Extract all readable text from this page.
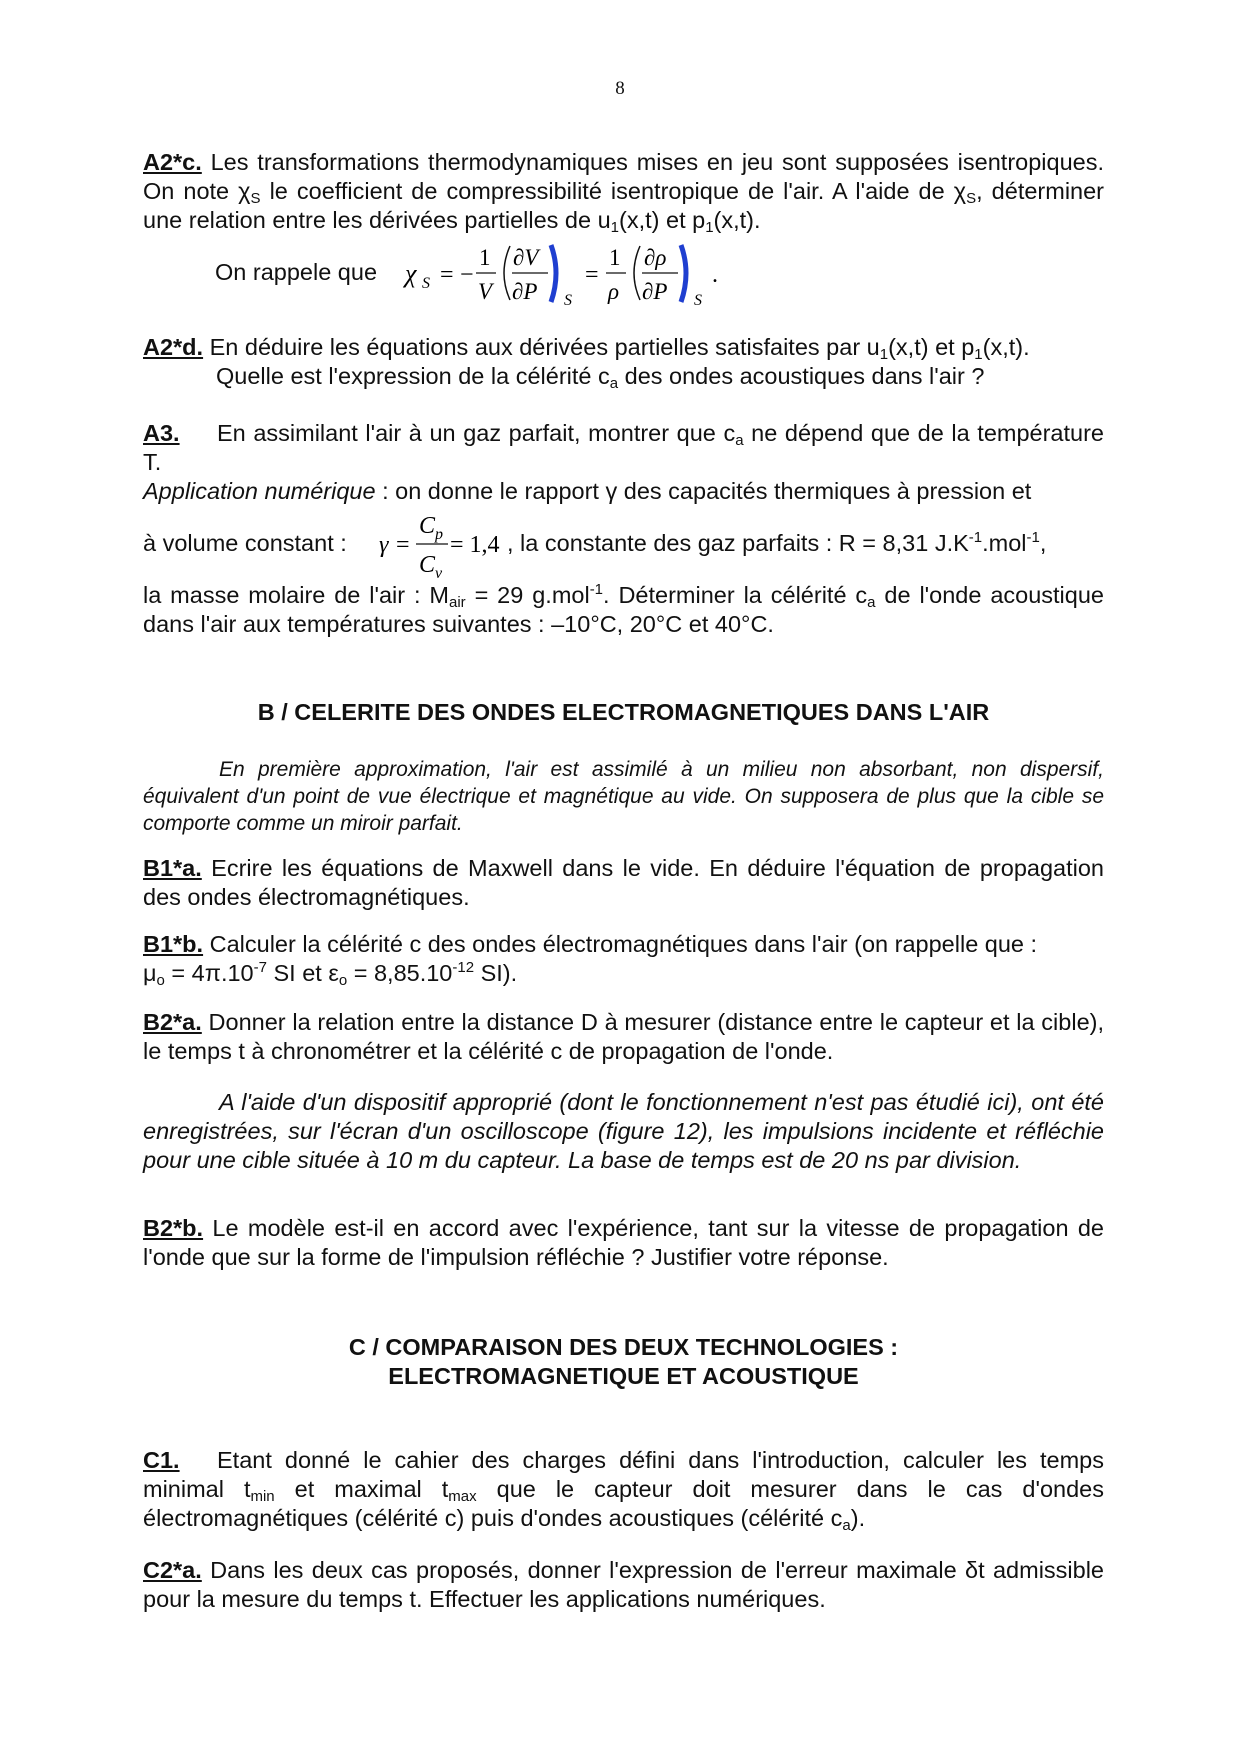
8
A2*c. Les transformations thermodynamiques mises en jeu sont supposées isentropiques. On note $\chi_S$ le coefficient de compressibilité isentropique de l'air. A l'aide de $\chi_S$, déterminer une relation entre les dérivées partielles de $u_1(x,t)$ et $p_1(x,t)$.
On rappele que χ S = −
1
V
∂V
∂P S
=
1
ρ
∂ρ
∂P S
.
A2*d. En déduire les équations aux dérivées partielles satisfaites par $u_1(x,t)$ et $p_1(x,t)$.
Quelle est l'expression de la célérité $c_a$ des ondes acoustiques dans l'air ?
A3. En assimilant l'air à un gaz parfait, montrer que $c_a$ ne dépend que de la température T.
Application numérique : on donne le rapport γ des capacités thermiques à pression et
à volume constant :	γ =
C p
C v
= 1,4 , la constante des gaz parfaits : R = 8,31 $J.K^{-1}.mol^{-1}$,
la masse molaire de l'air : $M_{air} = 29$ g.mol$^{-1}$. Déterminer la célérité $c_a$ de l'onde acoustique dans l'air aux températures suivantes : –10°C, 20°C et 40°C.
B / CELERITE DES ONDES ELECTROMAGNETIQUES DANS L'AIR
En première approximation, l'air est assimilé à un milieu non absorbant, non dispersif, équivalent d'un point de vue électrique et magnétique au vide. On supposera de plus que la cible se comporte comme un miroir parfait.
B1*a. Ecrire les équations de Maxwell dans le vide. En déduire l'équation de propagation des ondes électromagnétiques.
B1*b. Calculer la célérité c des ondes électromagnétiques dans l'air (on rappelle que :
$\mu_o = 4\pi.10^{-7}$ SI et $\varepsilon_o = 8,85.10^{-12}$ SI).
B2*a. Donner la relation entre la distance D à mesurer (distance entre le capteur et la cible), le temps t à chronométrer et la célérité c de propagation de l'onde.
A l'aide d'un dispositif approprié (dont le fonctionnement n'est pas étudié ici), ont été enregistrées, sur l'écran d'un oscilloscope (figure 12), les impulsions incidente et réfléchie pour une cible située à 10 m du capteur. La base de temps est de 20 ns par division.
B2*b. Le modèle est-il en accord avec l'expérience, tant sur la vitesse de propagation de l'onde que sur la forme de l'impulsion réfléchie ? Justifier votre réponse.
C / COMPARAISON DES DEUX TECHNOLOGIES :
ELECTROMAGNETIQUE ET ACOUSTIQUE
C1. Etant donné le cahier des charges défini dans l'introduction, calculer les temps minimal $t_{min}$ et maximal $t_{max}$ que le capteur doit mesurer dans le cas d'ondes électromagnétiques (célérité c) puis d'ondes acoustiques (célérité $c_a$).
C2*a. Dans les deux cas proposés, donner l'expression de l'erreur maximale δt admissible pour la mesure du temps t. Effectuer les applications numériques.
